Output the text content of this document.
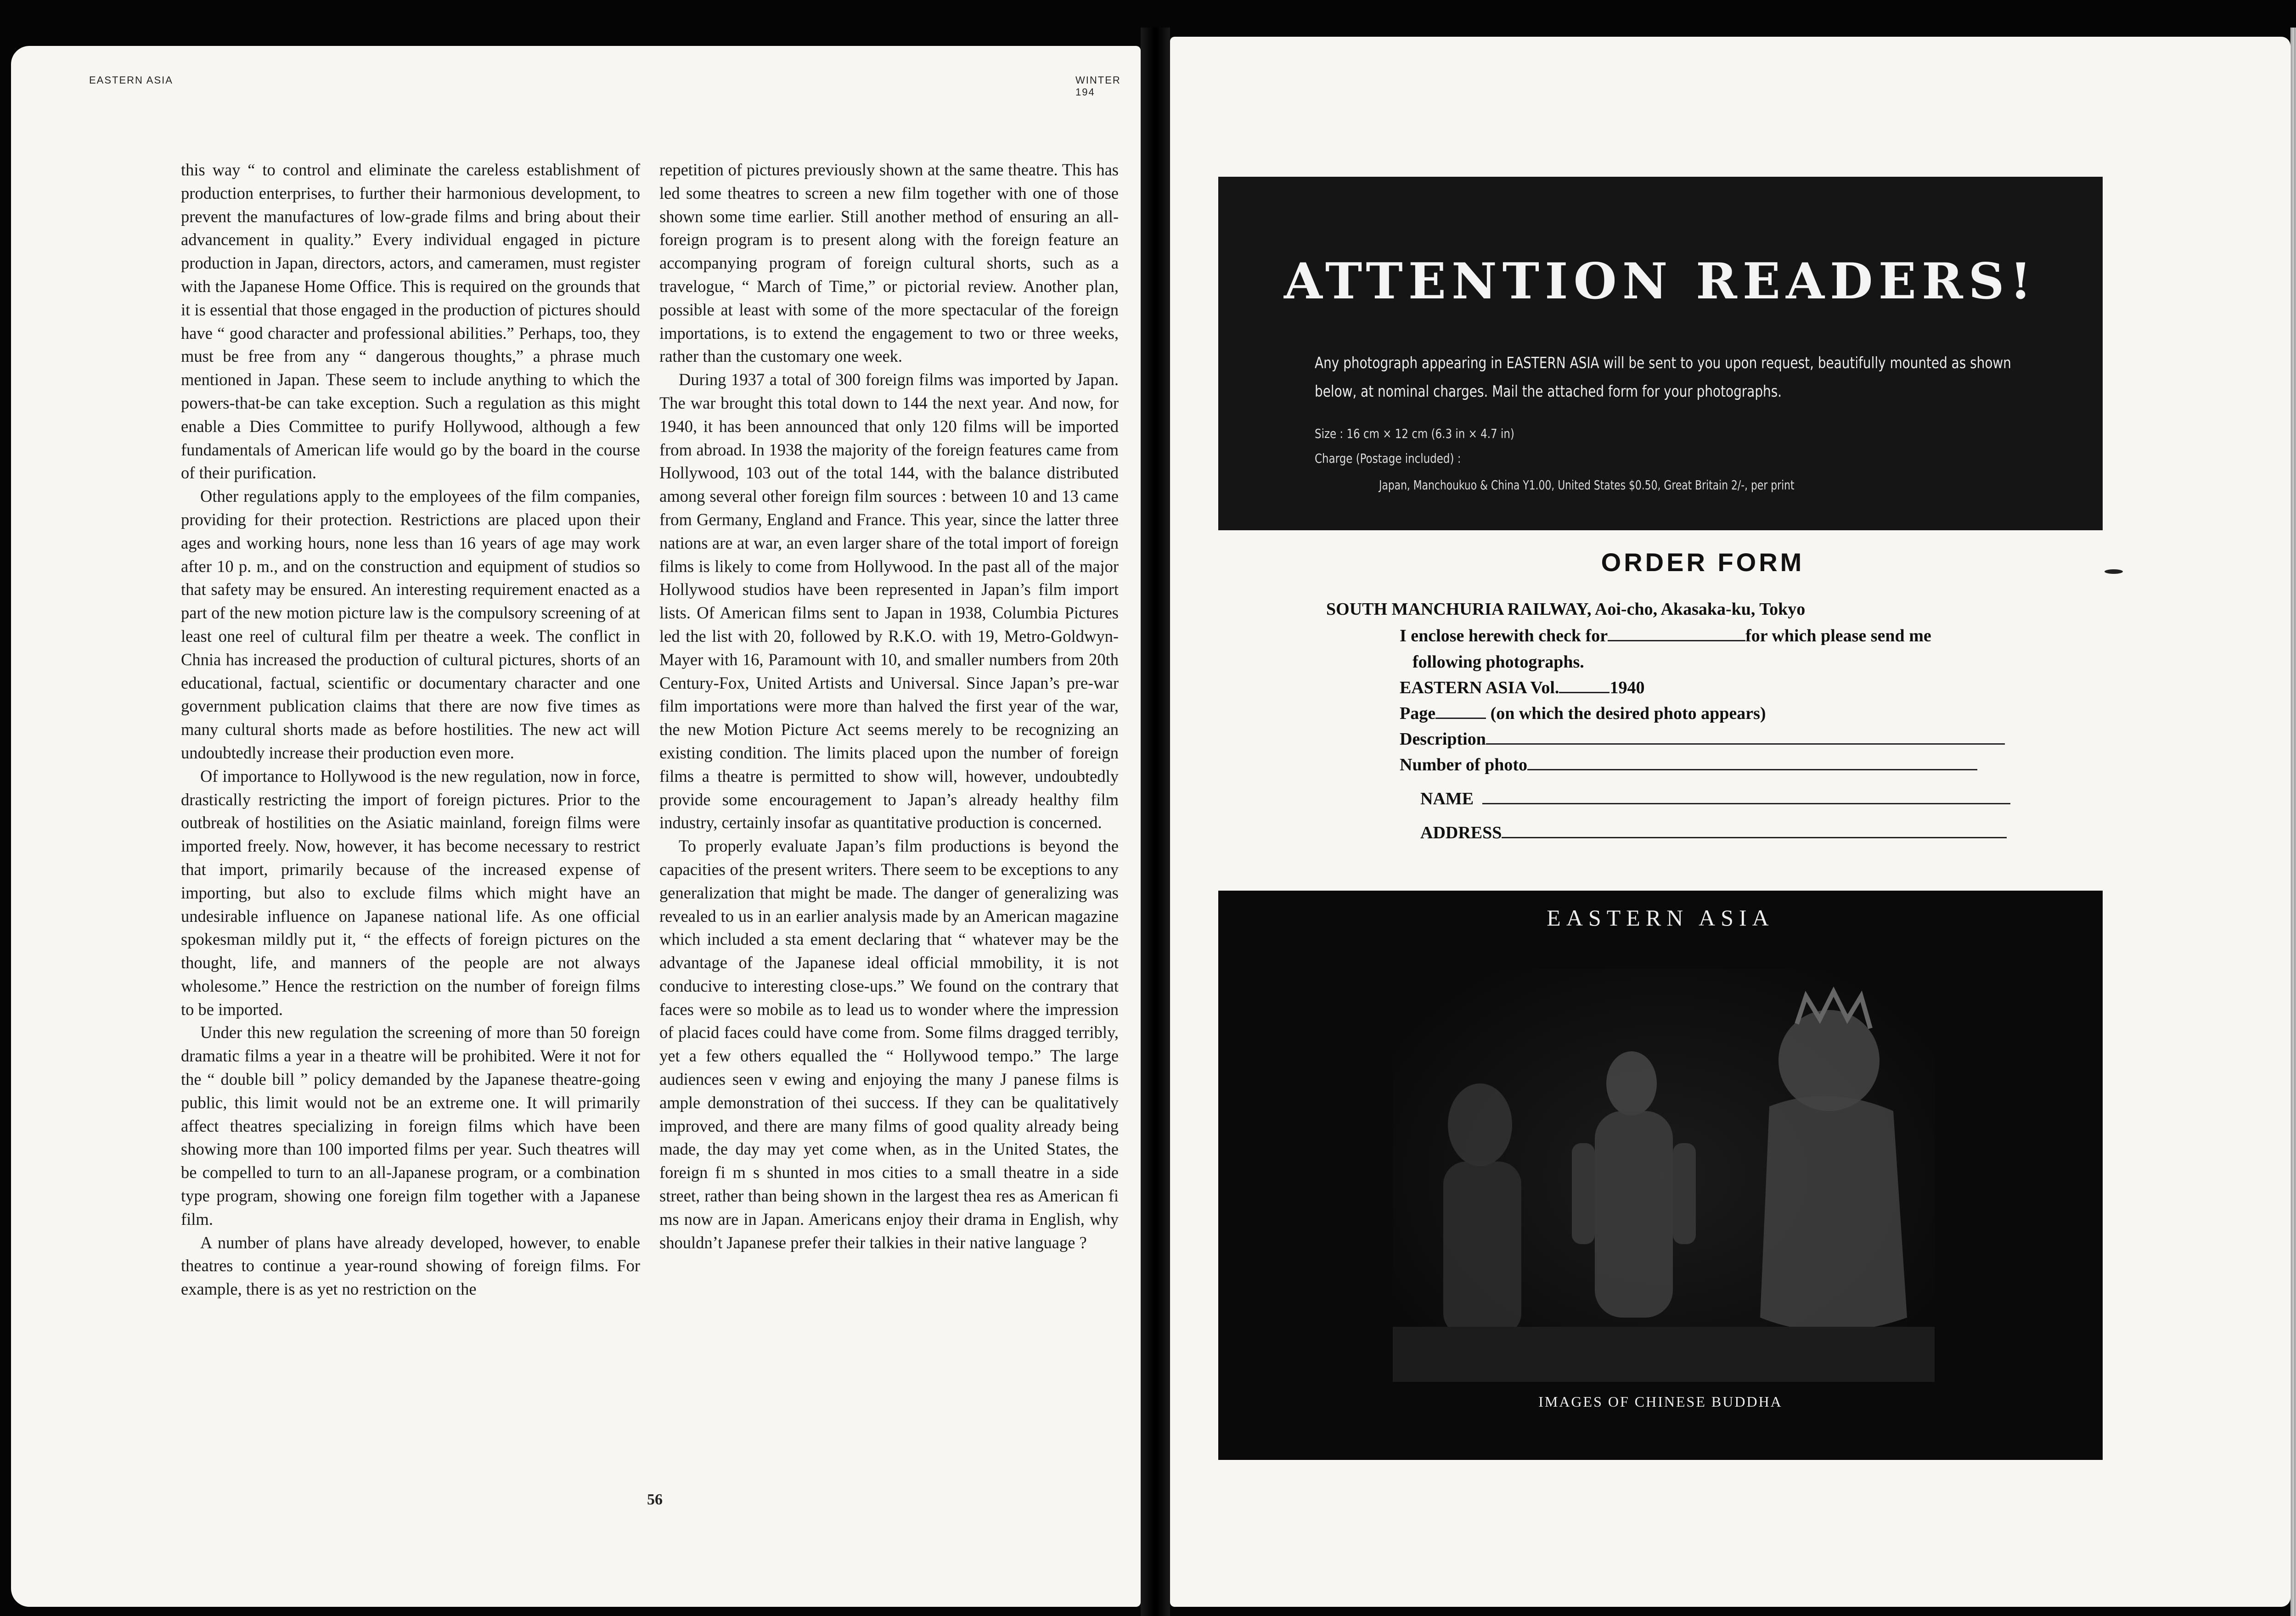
EASTERN ASIA	WINTER 194

this way “ to control and eliminate the careless establishment of production enterprises, to further their harmonious development, to prevent the manufactures of low-grade films and bring about their advancement in quality.” Every individual engaged in picture production in Japan, directors, actors, and cameramen, must register with the Japanese Home Office. This is required on the grounds that it is essential that those engaged in the production of pictures should have “ good character and professional abilities.” Perhaps, too, they must be free from any “ dangerous thoughts,” a phrase much mentioned in Japan. These seem to include anything to which the powers-that-be can take exception. Such a regulation as this might enable a Dies Committee to purify Hollywood, although a few fundamentals of American life would go by the board in the course of their purification.

Other regulations apply to the employees of the film companies, providing for their protection. Restrictions are placed upon their ages and working hours, none less than 16 years of age may work after 10 p. m., and on the construction and equipment of studios so that safety may be ensured. An interesting requirement enacted as a part of the new motion picture law is the compulsory screening of at least one reel of cultural film per theatre a week. The conflict in Chnia has increased the production of cultural pictures, shorts of an educational, factual, scientific or documentary character and one government publication claims that there are now five times as many cultural shorts made as before hostilities. The new act will undoubtedly increase their production even more.

Of importance to Hollywood is the new regulation, now in force, drastically restricting the import of foreign pictures. Prior to the outbreak of hostilities on the Asiatic mainland, foreign films were imported freely. Now, however, it has become necessary to restrict that import, primarily because of the increased expense of importing, but also to exclude films which might have an undesirable influence on Japanese national life. As one official spokesman mildly put it, “ the effects of foreign pictures on the thought, life, and manners of the people are not always wholesome.” Hence the restriction on the number of foreign films to be imported.

Under this new regulation the screening of more than 50 foreign dramatic films a year in a theatre will be prohibited. Were it not for the “ double bill ” policy demanded by the Japanese theatre-going public, this limit would not be an extreme one. It will primarily affect theatres specializing in foreign films which have been showing more than 100 imported films per year. Such theatres will be compelled to turn to an all-Japanese program, or a combination type program, showing one foreign film together with a Japanese film.

A number of plans have already developed, however, to enable theatres to continue a year-round showing of foreign films. For example, there is as yet no restriction on the

repetition of pictures previously shown at the same theatre. This has led some theatres to screen a new film together with one of those shown some time earlier. Still another method of ensuring an all-foreign program is to present along with the foreign feature an accompanying program of foreign cultural shorts, such as a travelogue, “ March of Time,” or pictorial review. Another plan, possible at least with some of the more spectacular of the foreign importations, is to extend the engagement to two or three weeks, rather than the customary one week.

During 1937 a total of 300 foreign films was imported by Japan. The war brought this total down to 144 the next year. And now, for 1940, it has been announced that only 120 films will be imported from abroad. In 1938 the majority of the foreign features came from Hollywood, 103 out of the total 144, with the balance distributed among several other foreign film sources : between 10 and 13 came from Germany, England and France. This year, since the latter three nations are at war, an even larger share of the total import of foreign films is likely to come from Hollywood. In the past all of the major Hollywood studios have been represented in Japan’s film import lists. Of American films sent to Japan in 1938, Columbia Pictures led the list with 20, followed by R.K.O. with 19, Metro-Goldwyn-Mayer with 16, Paramount with 10, and smaller numbers from 20th Century-Fox, United Artists and Universal. Since Japan’s pre-war film importations were more than halved the first year of the war, the new Motion Picture Act seems merely to be recognizing an existing condition. The limits placed upon the number of foreign films a theatre is permitted to show will, however, undoubtedly provide some encouragement to Japan’s already healthy film industry, certainly insofar as quantitative production is concerned.

To properly evaluate Japan’s film productions is beyond the capacities of the present writers. There seem to be exceptions to any generalization that might be made. The danger of generalizing was revealed to us in an earlier analysis made by an American magazine which included a sta ement declaring that “ whatever may be the advantage of the Japanese ideal official mmobility, it is not conducive to interesting close-ups.” We found on the contrary that faces were so mobile as to lead us to wonder where the impression of placid faces could have come from. Some films dragged terribly, yet a few others equalled the “ Hollywood tempo.” The large audiences seen v ewing and enjoying the many J panese films is ample demonstration of thei success. If they can be qualitatively improved, and there are many films of good quality already being made, the day may yet come when, as in the United States, the foreign fi m s shunted in mos cities to a small theatre in a side street, rather than being shown in the largest thea res as American fi ms now are in Japan. Americans enjoy their drama in English, why shouldn’t Japanese prefer their talkies in their native language ?

56
ATTENTION READERS!
Any photograph appearing in EASTERN ASIA will be sent to you upon request, beautifully mounted as shown below, at nominal charges. Mail the attached form for your photographs.
Size : 16 cm × 12 cm (6.3 in × 4.7 in)
Charge (Postage included) :
Japan, Manchoukuo & China Y1.00, United States $0.50, Great Britain 2/-, per print
ORDER FORM
SOUTH MANCHURIA RAILWAY, Aoi-cho, Akasaka-ku, Tokyo
I enclose herewith check for	for which please send me
following photographs.
EASTERN ASIA Vol.	1940
Page	(on which the desired photo appears)
Description
Number of photo
NAME
ADDRESS
EASTERN ASIA
IMAGES OF CHINESE BUDDHA
